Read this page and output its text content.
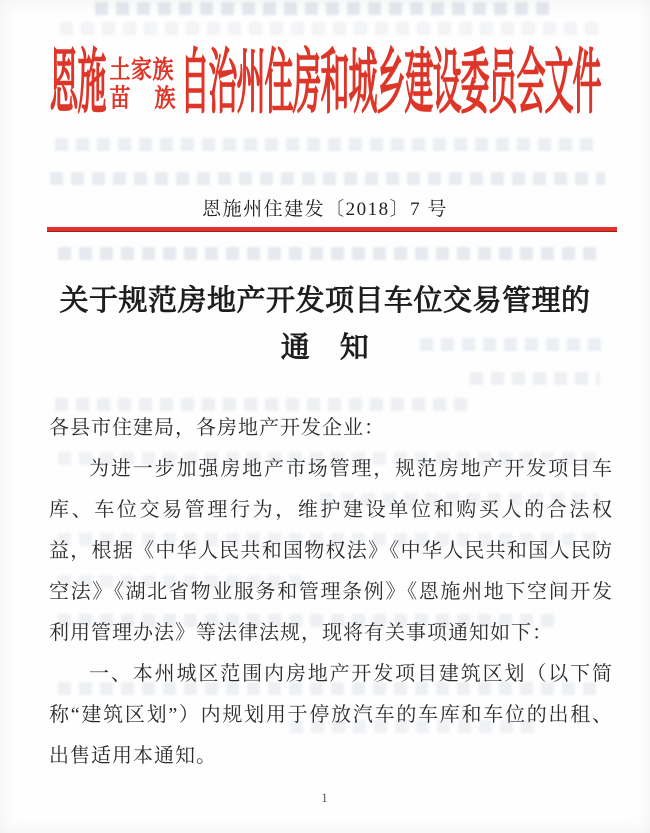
恩施 土家族
苗 族 自治州住房和城乡建设委员会文件
恩施州住建发〔2018〕7 号
关于规范房地产开发项目车位交易管理的
通　知

各县市住建局，各房地产开发企业：

为进一步加强房地产市场管理，规范房地产开发项目车库、车位交易管理行为，维护建设单位和购买人的合法权益，根据《中华人民共和国物权法》《中华人民共和国人民防空法》《湖北省物业服务和管理条例》《恩施州地下空间开发利用管理办法》等法律法规，现将有关事项通知如下：

一、本州城区范围内房地产开发项目建筑区划（以下简称“建筑区划”）内规划用于停放汽车的车库和车位的出租、出售适用本通知。

1
